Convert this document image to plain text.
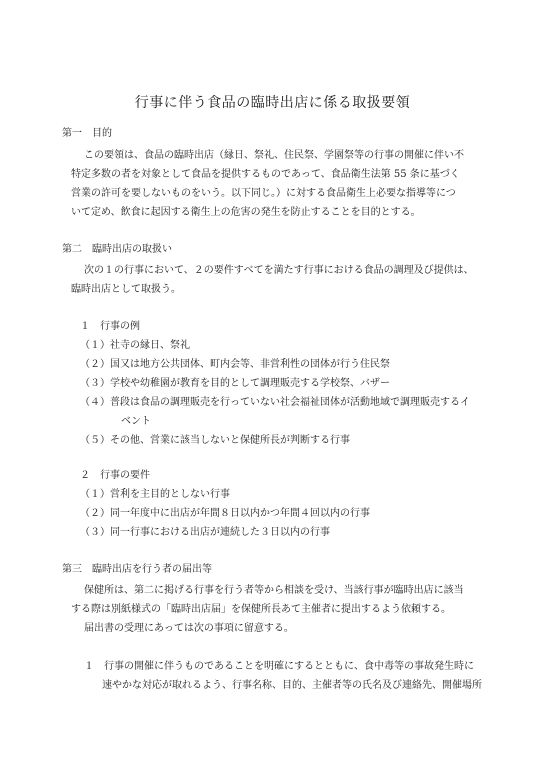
行事に伴う食品の臨時出店に係る取扱要領
第一　目的
この要領は、食品の臨時出店（縁日、祭礼、住民祭、学園祭等の行事の開催に伴い不
特定多数の者を対象として食品を提供するものであって、食品衛生法第 55 条に基づく
営業の許可を要しないものをいう。以下同じ。）に対する食品衛生上必要な指導等につ
いて定め、飲食に起因する衛生上の危害の発生を防止することを目的とする。
第二　臨時出店の取扱い
次の１の行事において、２の要件すべてを満たす行事における食品の調理及び提供は、
臨時出店として取扱う。
１　行事の例
（１）社寺の縁日、祭礼
（２）国又は地方公共団体、町内会等、非営利性の団体が行う住民祭
（３）学校や幼稚園が教育を目的として調理販売する学校祭、バザー
（４）普段は食品の調理販売を行っていない社会福祉団体が活動地域で調理販売するイ
ベント
（５）その他、営業に該当しないと保健所長が判断する行事
２　行事の要件
（１）営利を主目的としない行事
（２）同一年度中に出店が年間８日以内かつ年間４回以内の行事
（３）同一行事における出店が連続した３日以内の行事
第三　臨時出店を行う者の届出等
保健所は、第二に掲げる行事を行う者等から相談を受け、当該行事が臨時出店に該当
する際は別紙様式の「臨時出店届」を保健所長あて主催者に提出するよう依頼する。
届出書の受理にあっては次の事項に留意する。
１　行事の開催に伴うものであることを明確にするとともに、食中毒等の事故発生時に
速やかな対応が取れるよう、行事名称、目的、主催者等の氏名及び連絡先、開催場所
